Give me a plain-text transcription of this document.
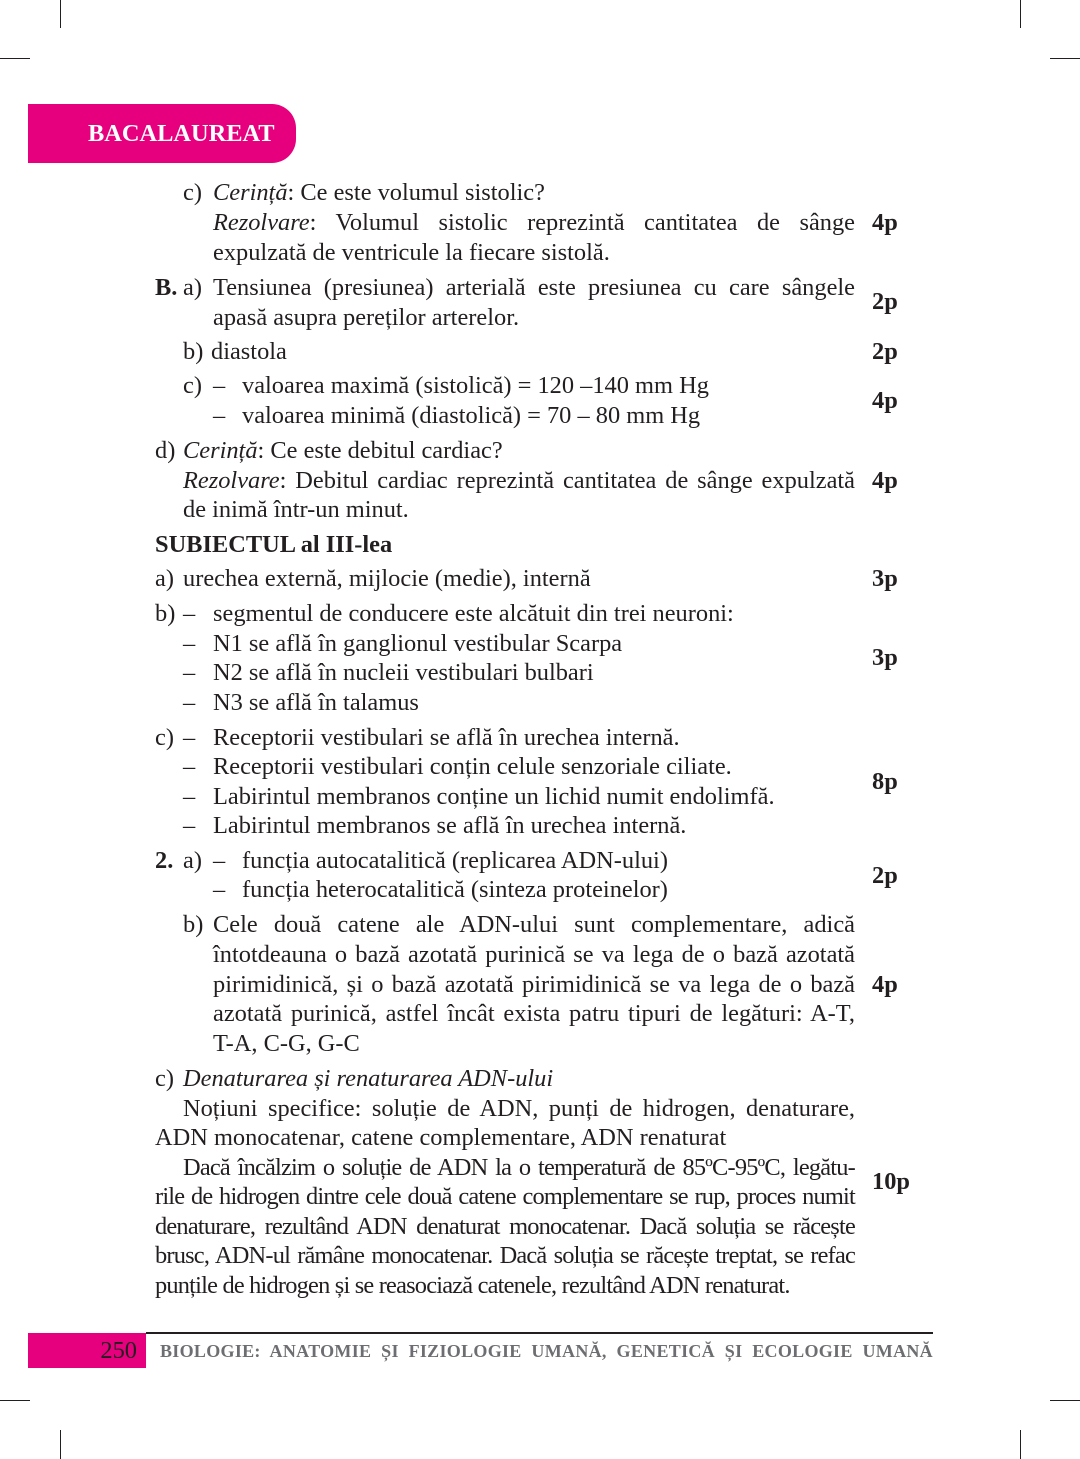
BACALAUREAT
c) Cerință: Ce este volumul sistolic?
Rezolvare: Volumul sistolic reprezintă cantitatea de sânge 4p
expulzată de ventricule la fiecare sistolă.
B. a) Tensiunea (presiunea) arterială este presiunea cu care sângele
apasă asupra pereților arterelor.
2p
b) diastola	2p
c) – valoarea maximă (sistolică) = 120 –140 mm Hg
– valoarea minimă (diastolică) = 70 – 80 mm Hg
4p
d) Cerință: Ce este debitul cardiac?
Rezolvare: Debitul cardiac reprezintă cantitatea de sânge expulzată 4p
de inimă într-un minut.
SUBIECTUL al III-lea
a) urechea externă, mijlocie (medie), internă	3p
b) – segmentul de conducere este alcătuit din trei neuroni:
– N1 se află în ganglionul vestibular Scarpa
– N2 se află în nucleii vestibulari bulbari
– N3 se află în talamus
3p
c) – Receptorii vestibulari se află în urechea internă.
– Receptorii vestibulari conțin celule senzoriale ciliate.
– Labirintul membranos conține un lichid numit endolimfă.
– Labirintul membranos se află în urechea internă.
8p
2. a) – funcția autocatalitică (replicarea ADN-ului)
– funcția heterocatalitică (sinteza proteinelor)
2p
b) Cele două catene ale ADN-ului sunt complementare, adică
întotdeauna o bază azotată purinică se va lega de o bază azotată
pirimidinică, și o bază azotată pirimidinică se va lega de o bază
azotată purinică, astfel încât exista patru tipuri de legături: A-T,
T-A, C-G, G-C
4p
c) Denaturarea și renaturarea ADN-ului
Noțiuni specifice: soluție de ADN, punți de hidrogen, denaturare,
ADN monocatenar, catene complementare, ADN renaturat
Dacă încălzim o soluție de ADN la o temperatură de 85ºC-95ºC, legătu-
rile de hidrogen dintre cele două catene complementare se rup, proces numit
denaturare, rezultând ADN denaturat monocatenar. Dacă soluția se răcește
brusc, ADN-ul rămâne monocatenar. Dacă soluția se răcește treptat, se refac
punțile de hidrogen și se reasociază catenele, rezultând ADN renaturat.
10p
250	BIOLOGIE: ANATOMIE ȘI FIZIOLOGIE UMANĂ, GENETICĂ ȘI ECOLOGIE UMANĂ
